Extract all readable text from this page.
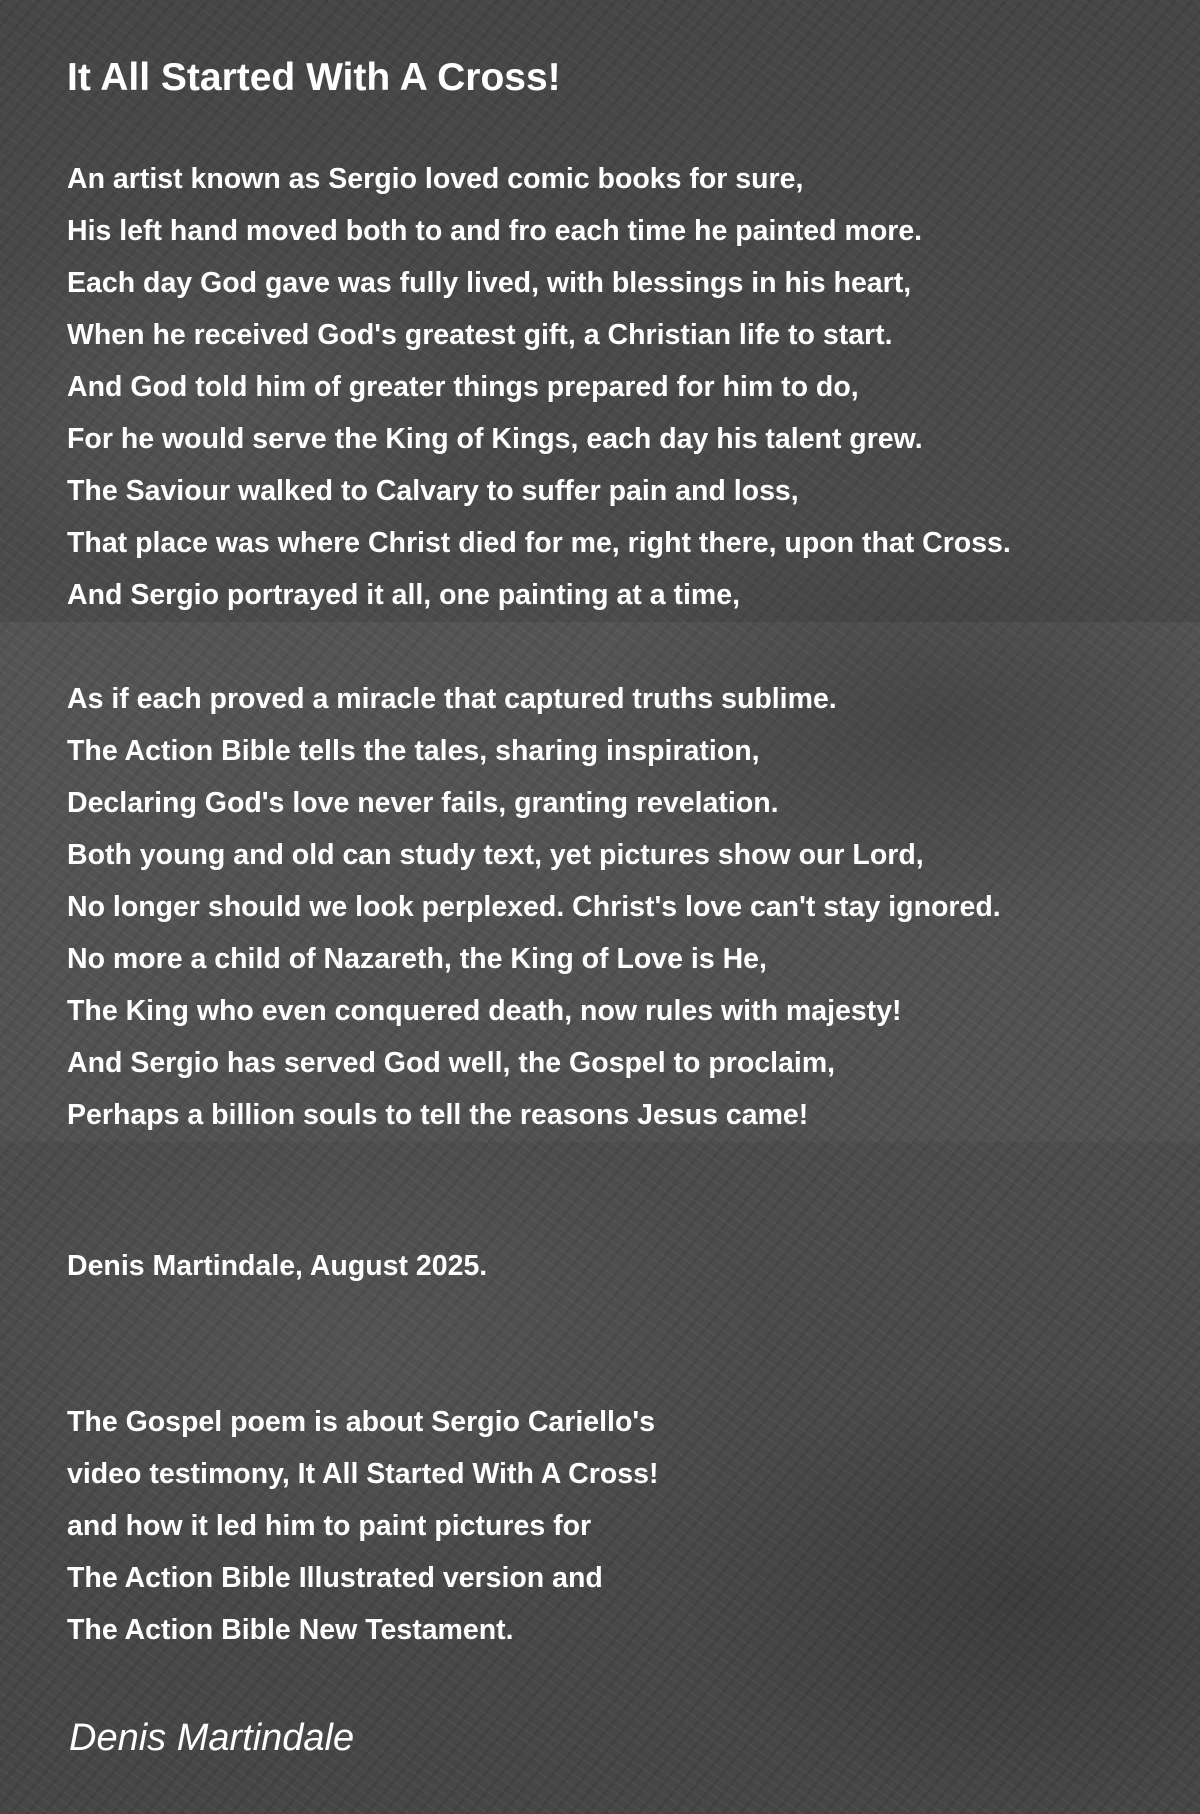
It All Started With A Cross!
An artist known as Sergio loved comic books for sure,
His left hand moved both to and fro each time he painted more.
Each day God gave was fully lived, with blessings in his heart,
When he received God's greatest gift, a Christian life to start.
And God told him of greater things prepared for him to do,
For he would serve the King of Kings, each day his talent grew.
The Saviour walked to Calvary to suffer pain and loss,
That place was where Christ died for me, right there, upon that Cross.
And Sergio portrayed it all, one painting at a time,
As if each proved a miracle that captured truths sublime.
The Action Bible tells the tales, sharing inspiration,
Declaring God's love never fails, granting revelation.
Both young and old can study text, yet pictures show our Lord,
No longer should we look perplexed. Christ's love can't stay ignored.
No more a child of Nazareth, the King of Love is He,
The King who even conquered death, now rules with majesty!
And Sergio has served God well, the Gospel to proclaim,
Perhaps a billion souls to tell the reasons Jesus came!
Denis Martindale, August 2025.
The Gospel poem is about Sergio Cariello's
video testimony, It All Started With A Cross!
and how it led him to paint pictures for
The Action Bible Illustrated version and
The Action Bible New Testament.
Denis Martindale
